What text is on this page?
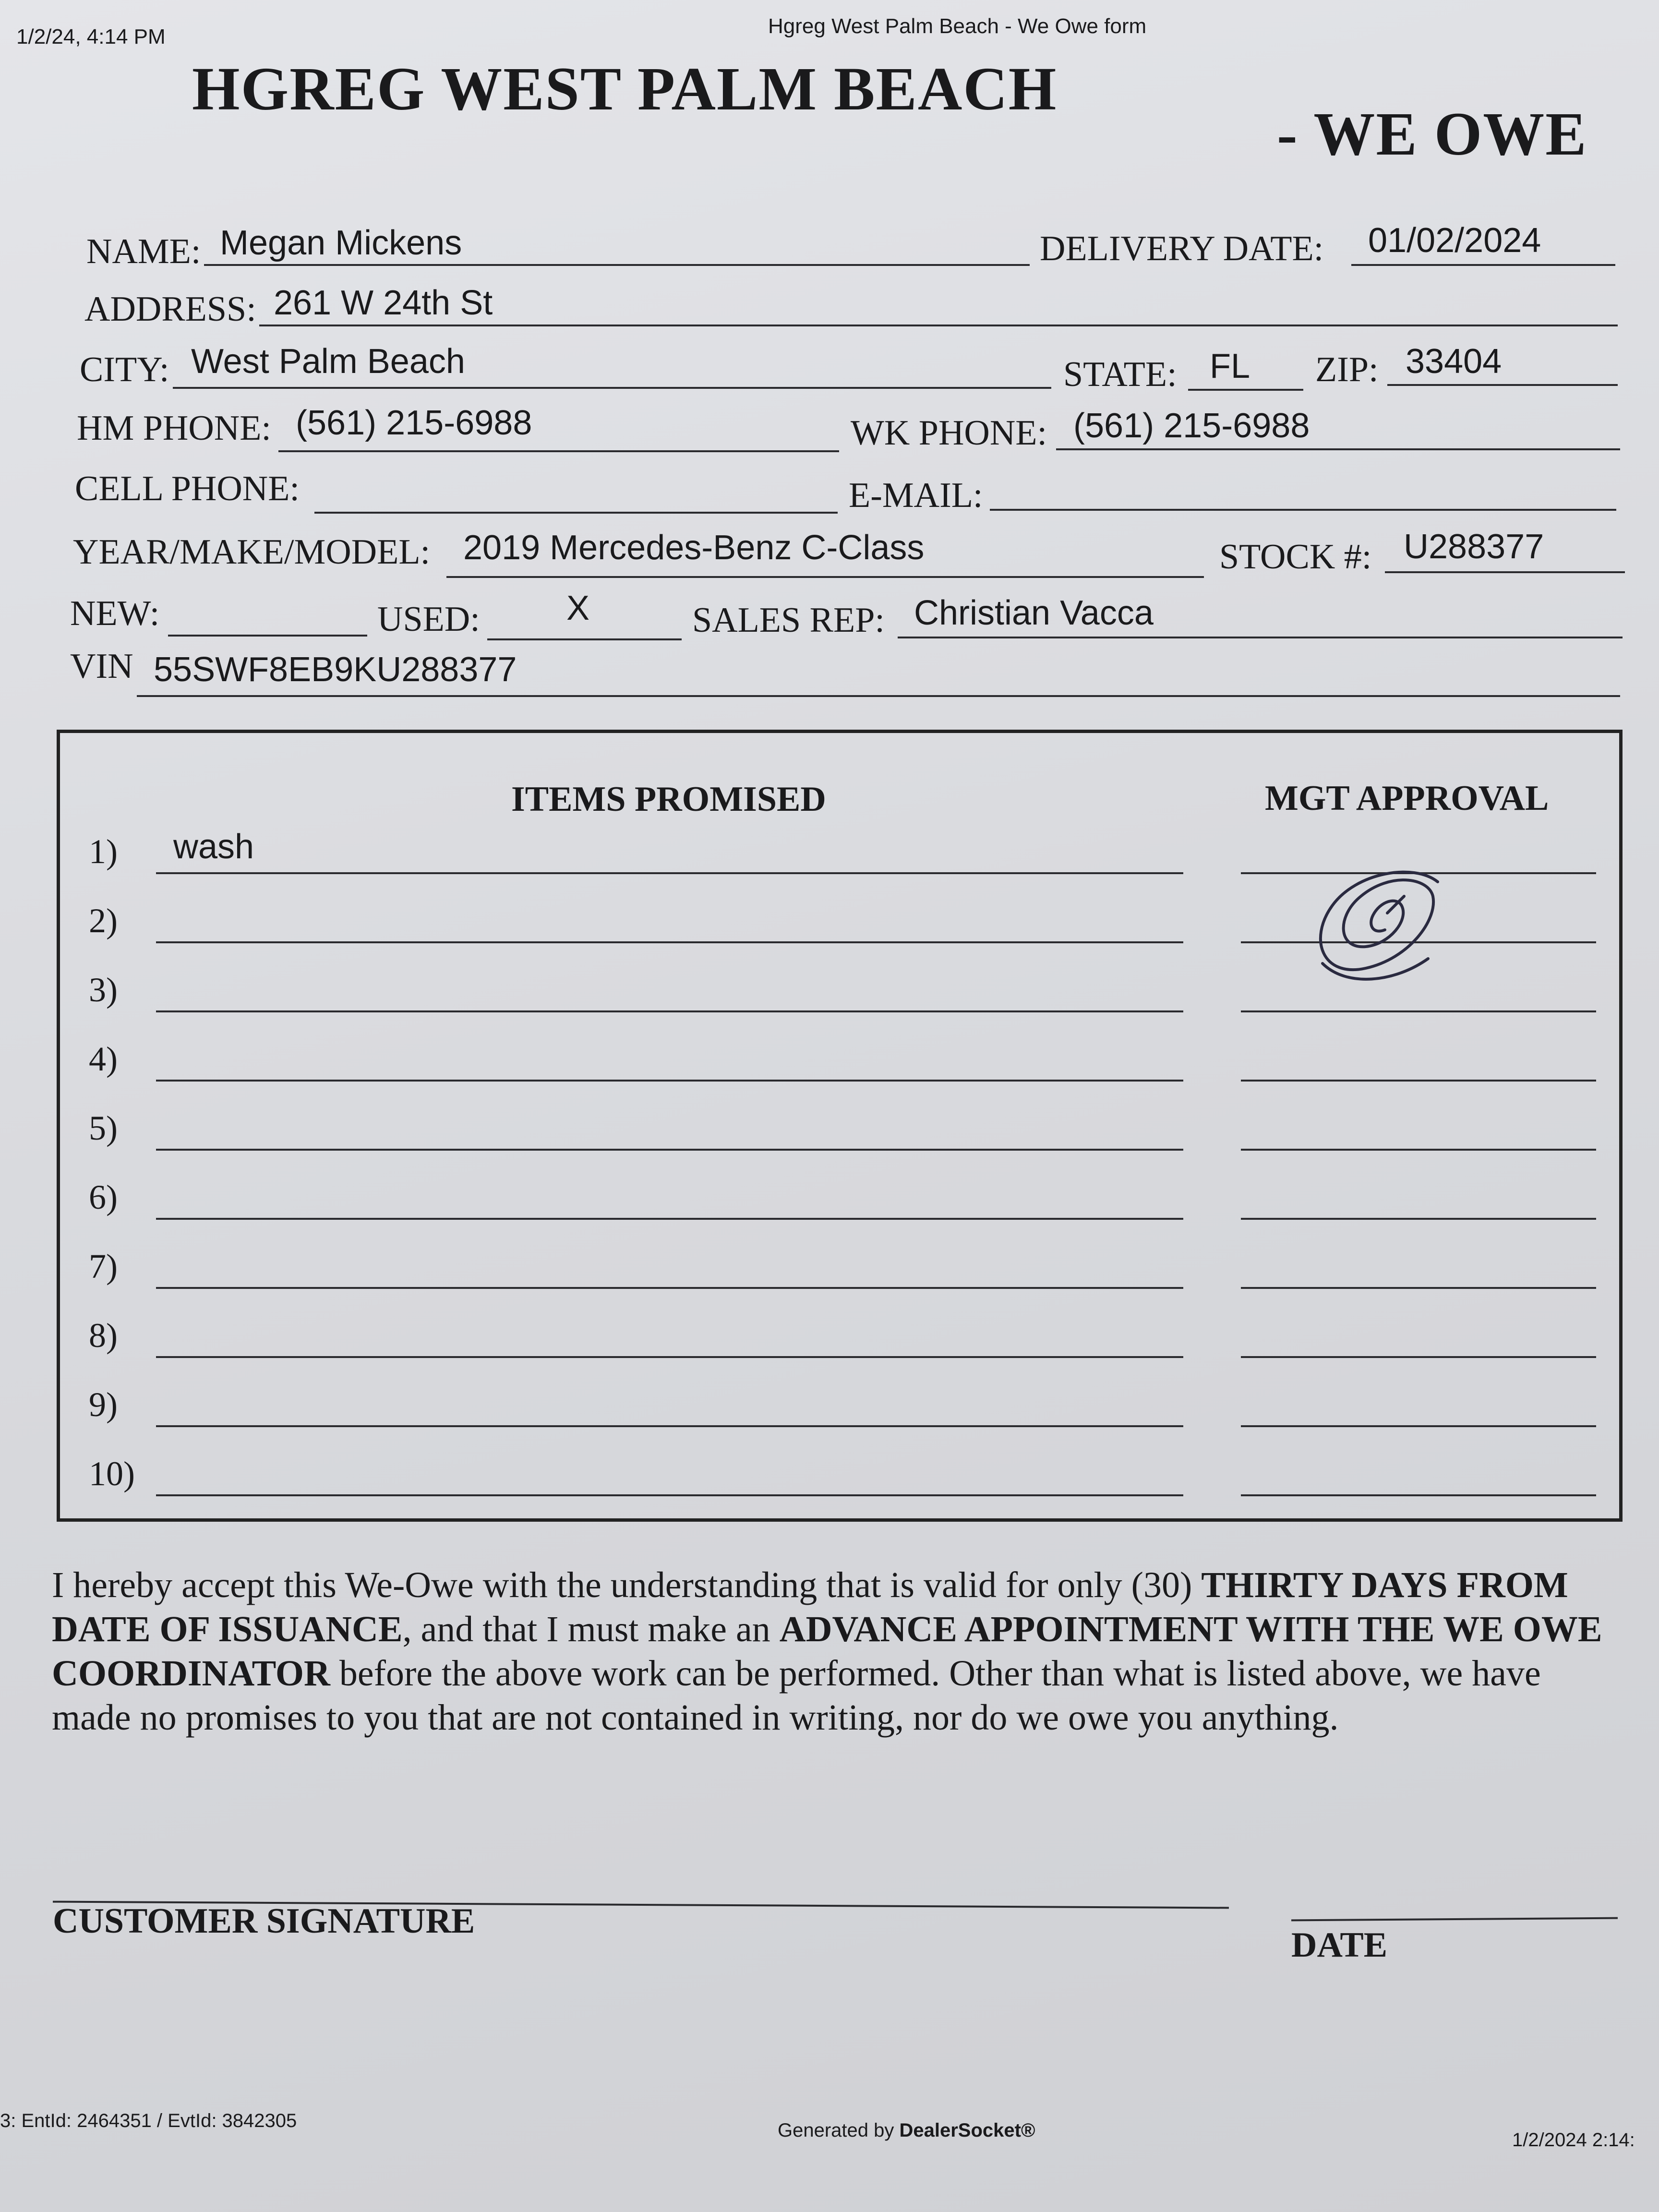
1/2/24, 4:14 PM	Hgreg West Palm Beach - We Owe form
HGREG WEST PALM BEACH
- WE OWE
NAME: Megan Mickens	DELIVERY DATE: 01/02/2024
ADDRESS: 261 W 24th St
CITY: West Palm Beach	STATE: FL ZIP: 33404
HM PHONE: (561) 215-6988	WK PHONE: (561) 215-6988
CELL PHONE:	E-MAIL:
YEAR/MAKE/MODEL: 2019 Mercedes-Benz C-Class	STOCK #: U288377
NEW:	USED:	X	SALES REP: Christian Vacca
VIN 55SWF8EB9KU288377
ITEMS PROMISED	MGT APPROVAL
1) wash
2)
3)
4)
5)
6)
7)
8)
9)
10)
I hereby accept this We-Owe with the understanding that is valid for only (30) THIRTY DAYS FROM DATE OF ISSUANCE, and that I must make an ADVANCE APPOINTMENT WITH THE WE OWE COORDINATOR before the above work can be performed. Other than what is listed above, we have made no promises to you that are not contained in writing, nor do we owe you anything.
CUSTOMER SIGNATURE
DATE
3: EntId: 2464351 / EvtId: 3842305	Generated by DealerSocket®	1/2/2024 2:14:
